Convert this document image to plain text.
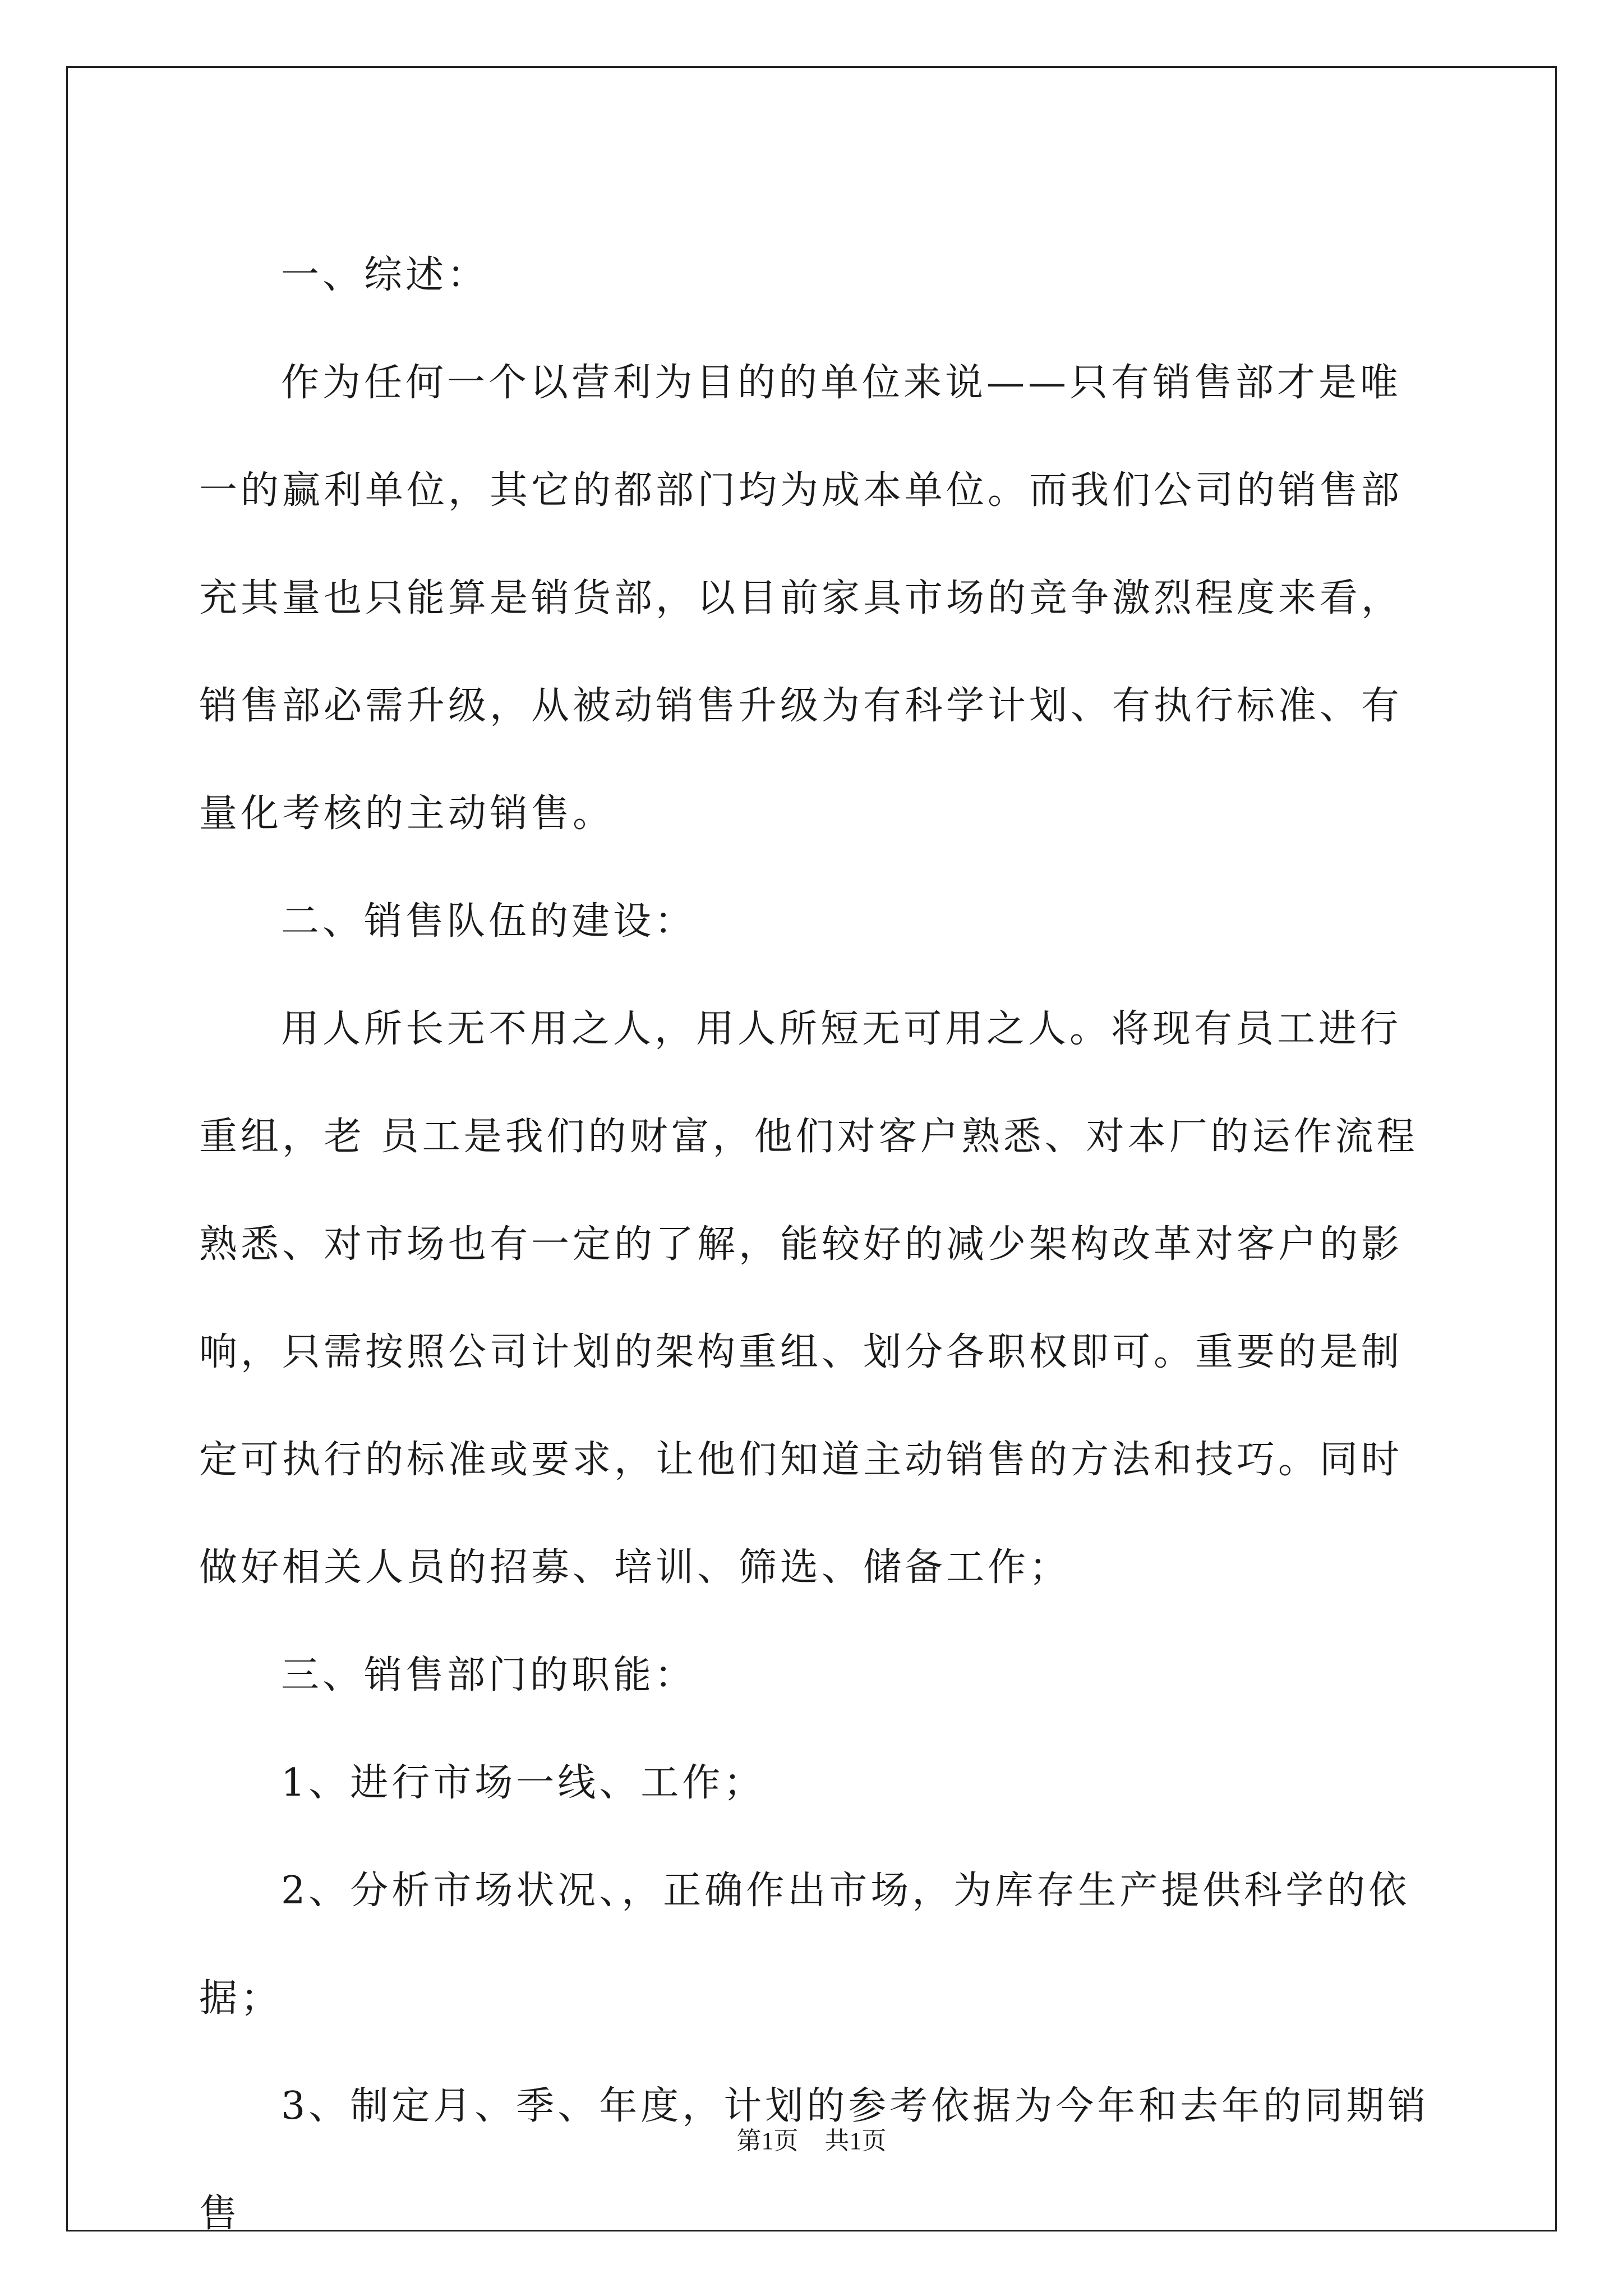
一、综述：

作为任何一个以营利为目的的单位来说——只有销售部才是唯一的赢利单位，其它的都部门均为成本单位。而我们公司的销售部充其量也只能算是销货部，以目前家具市场的竞争激烈程度来看，销售部必需升级，从被动销售升级为有科学计划、有执行标准、有量化考核的主动销售。

二、销售队伍的建设：

用人所长无不用之人，用人所短无可用之人。将现有员工进行重组，老 员工是我们的财富，他们对客户熟悉、对本厂的运作流程熟悉、对市场也有一定的了解，能较好的减少架构改革对客户的影响，只需按照公司计划的架构重组、划分各职权即可。重要的是制定可执行的标准或要求，让他们知道主动销售的方法和技巧。同时做好相关人员的招募、培训、筛选、储备工作；

三、销售部门的职能：

1、进行市场一线、工作；

2、分析市场状况、，正确作出市场，为库存生产提供科学的依据；

3、制定月、季、年度，计划的参考依据为今年和去年的同期销售

第1页 共1页
